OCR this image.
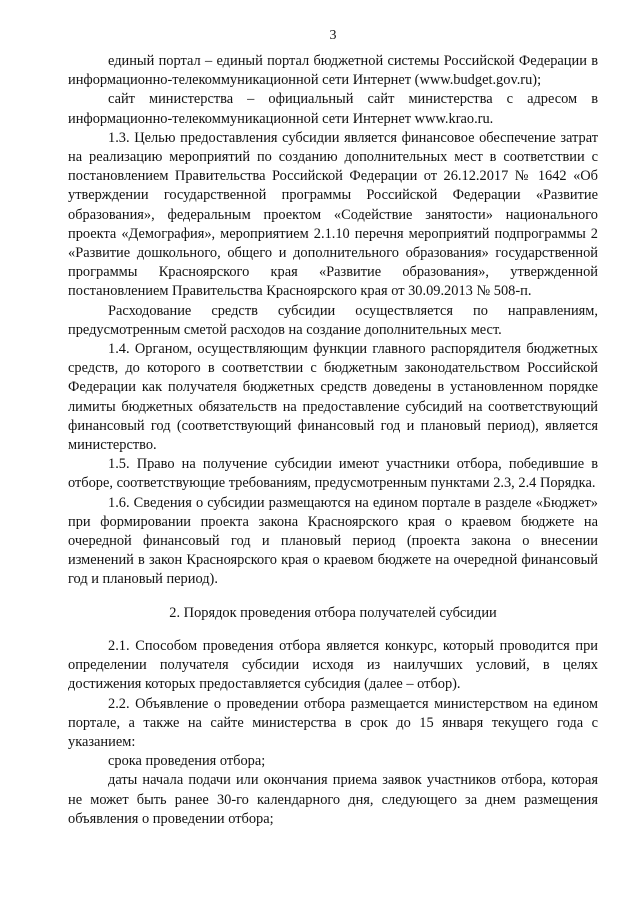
3

единый портал – единый портал бюджетной системы Российской Федерации в информационно-телекоммуникационной сети Интернет (www.budget.gov.ru);

сайт министерства – официальный сайт министерства с адресом в информационно-телекоммуникационной сети Интернет www.krao.ru.

1.3. Целью предоставления субсидии является финансовое обеспечение затрат на реализацию мероприятий по созданию дополнительных мест в соответствии с постановлением Правительства Российской Федерации от 26.12.2017 № 1642 «Об утверждении государственной программы Российской Федерации «Развитие образования», федеральным проектом «Содействие занятости» национального проекта «Демография», мероприятием 2.1.10 перечня мероприятий подпрограммы 2 «Развитие дошкольного, общего и дополнительного образования» государственной программы Красноярского края «Развитие образования», утвержденной постановлением Правительства Красноярского края от 30.09.2013 № 508-п.

Расходование средств субсидии осуществляется по направлениям, предусмотренным сметой расходов на создание дополнительных мест.

1.4. Органом, осуществляющим функции главного распорядителя бюджетных средств, до которого в соответствии с бюджетным законодательством Российской Федерации как получателя бюджетных средств доведены в установленном порядке лимиты бюджетных обязательств на предоставление субсидий на соответствующий финансовый год (соответствующий финансовый год и плановый период), является министерство.

1.5. Право на получение субсидии имеют участники отбора, победившие в отборе, соответствующие требованиям, предусмотренным пунктами 2.3, 2.4 Порядка.

1.6. Сведения о субсидии размещаются на едином портале в разделе «Бюджет» при формировании проекта закона Красноярского края о краевом бюджете на очередной финансовый год и плановый период (проекта закона о внесении изменений в закон Красноярского края о краевом бюджете на очередной финансовый год и плановый период).

2. Порядок проведения отбора получателей субсидии

2.1. Способом проведения отбора является конкурс, который проводится при определении получателя субсидии исходя из наилучших условий, в целях достижения которых предоставляется субсидия (далее – отбор).

2.2. Объявление о проведении отбора размещается министерством на едином портале, а также на сайте министерства в срок до 15 января текущего года с указанием:

срока проведения отбора;

даты начала подачи или окончания приема заявок участников отбора, которая не может быть ранее 30-го календарного дня, следующего за днем размещения объявления о проведении отбора;
